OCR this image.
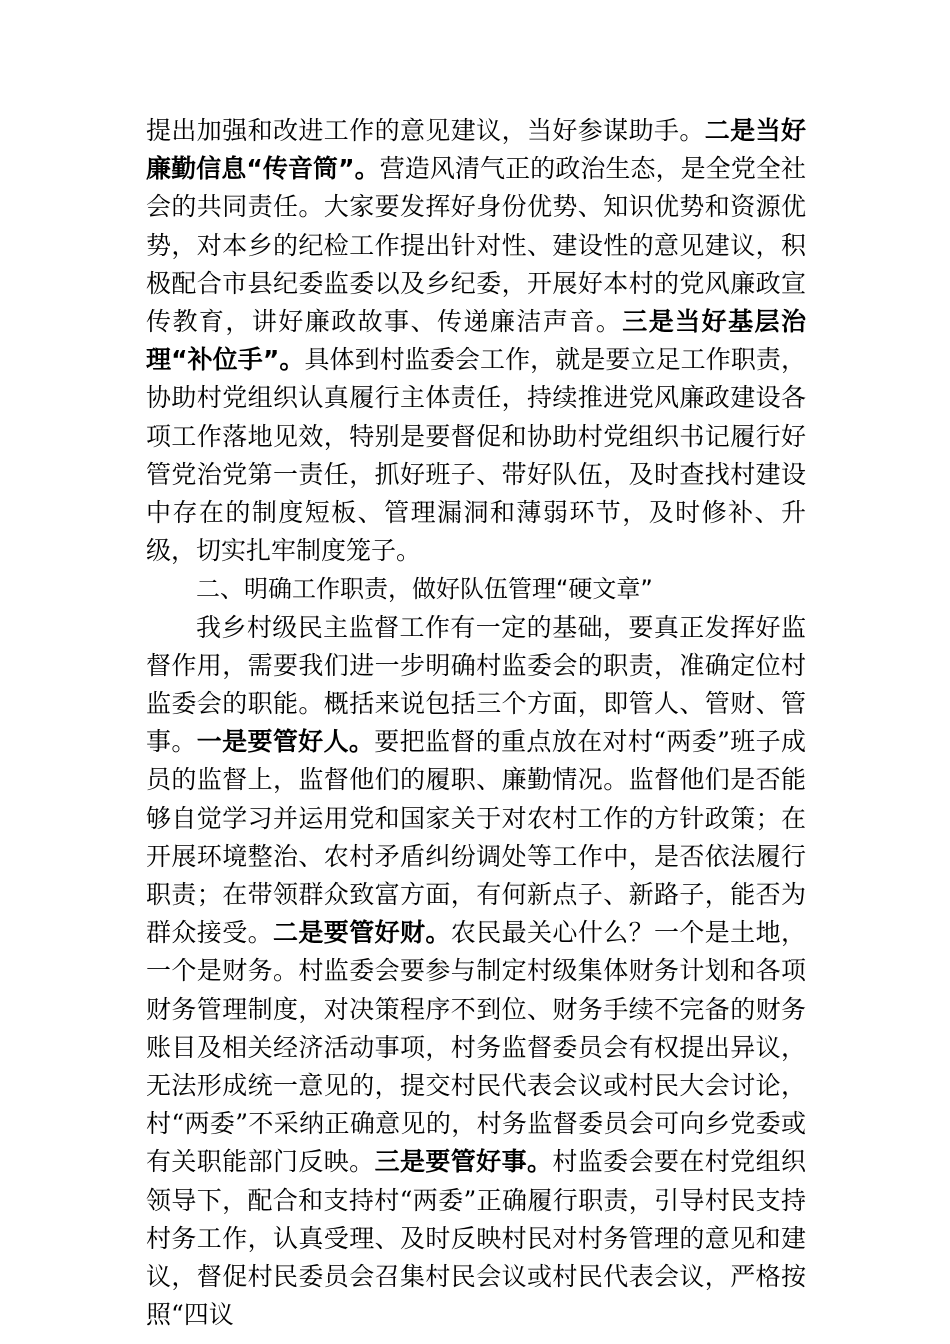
提出加强和改进工作的意见建议，当好参谋助手。二是当好廉勤信息“传音筒”。营造风清气正的政治生态，是全党全社会的共同责任。大家要发挥好身份优势、知识优势和资源优势，对本乡的纪检工作提出针对性、建设性的意见建议，积极配合市县纪委监委以及乡纪委，开展好本村的党风廉政宣传教育，讲好廉政故事、传递廉洁声音。三是当好基层治理“补位手”。具体到村监委会工作，就是要立足工作职责，协助村党组织认真履行主体责任，持续推进党风廉政建设各项工作落地见效，特别是要督促和协助村党组织书记履行好管党治党第一责任，抓好班子、带好队伍，及时查找村建设中存在的制度短板、管理漏洞和薄弱环节，及时修补、升级，切实扎牢制度笼子。

二、明确工作职责，做好队伍管理“硬文章”

我乡村级民主监督工作有一定的基础，要真正发挥好监督作用，需要我们进一步明确村监委会的职责，准确定位村监委会的职能。概括来说包括三个方面，即管人、管财、管事。一是要管好人。要把监督的重点放在对村“两委”班子成员的监督上，监督他们的履职、廉勤情况。监督他们是否能够自觉学习并运用党和国家关于对农村工作的方针政策；在开展环境整治、农村矛盾纠纷调处等工作中，是否依法履行职责；在带领群众致富方面，有何新点子、新路子，能否为群众接受。二是要管好财。农民最关心什么？一个是土地，一个是财务。村监委会要参与制定村级集体财务计划和各项财务管理制度，对决策程序不到位、财务手续不完备的财务账目及相关经济活动事项，村务监督委员会有权提出异议，无法形成统一意见的，提交村民代表会议或村民大会讨论，村“两委”不采纳正确意见的，村务监督委员会可向乡党委或有关职能部门反映。三是要管好事。村监委会要在村党组织领导下，配合和支持村“两委”正确履行职责，引导村民支持村务工作，认真受理、及时反映村民对村务管理的意见和建议，督促村民委员会召集村民会议或村民代表会议，严格按照“四议
